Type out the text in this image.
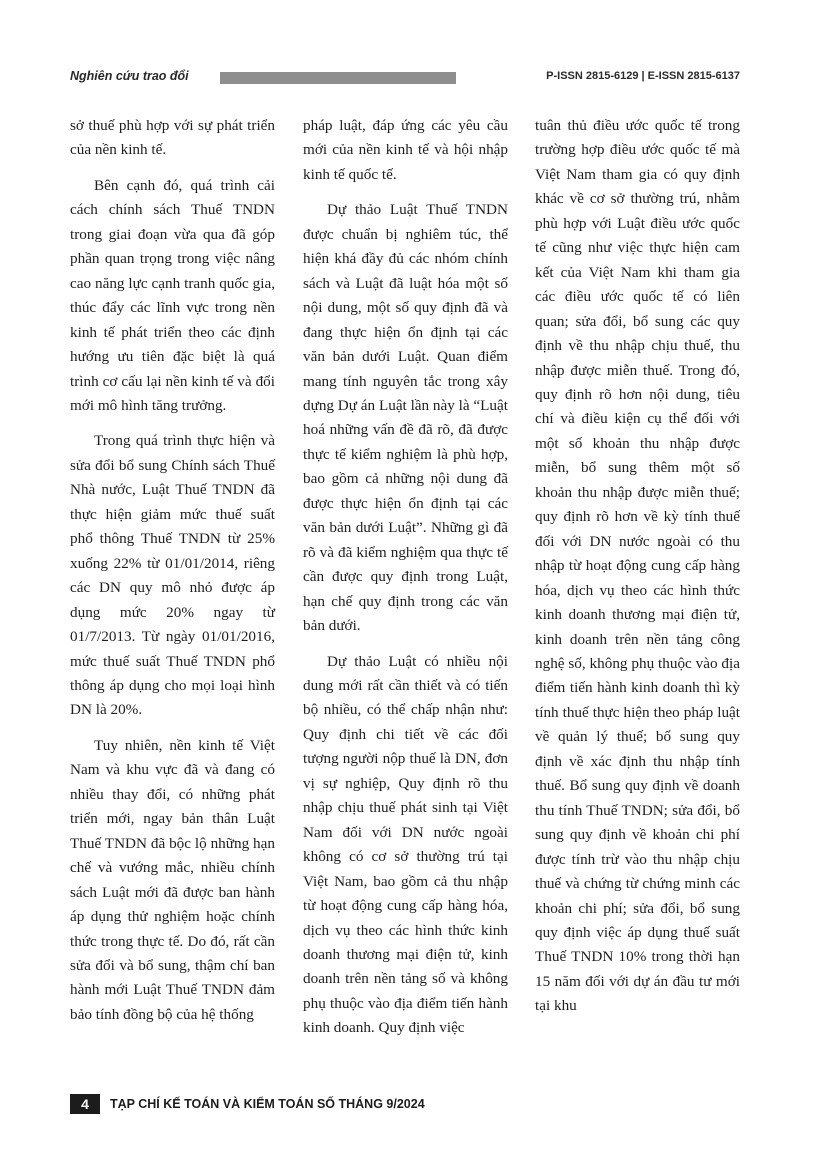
Nghiên cứu trao đổi	P-ISSN 2815-6129 | E-ISSN 2815-6137

sở thuế phù hợp với sự phát triển của nền kinh tế.

Bên cạnh đó, quá trình cải cách chính sách Thuế TNDN trong giai đoạn vừa qua đã góp phần quan trọng trong việc nâng cao năng lực cạnh tranh quốc gia, thúc đẩy các lĩnh vực trong nền kinh tế phát triển theo các định hướng ưu tiên đặc biệt là quá trình cơ cấu lại nền kinh tế và đổi mới mô hình tăng trưởng.

Trong quá trình thực hiện và sửa đổi bổ sung Chính sách Thuế Nhà nước, Luật Thuế TNDN đã thực hiện giảm mức thuế suất phổ thông Thuế TNDN từ 25% xuống 22% từ 01/01/2014, riêng các DN quy mô nhỏ được áp dụng mức 20% ngay từ 01/7/2013. Từ ngày 01/01/2016, mức thuế suất Thuế TNDN phổ thông áp dụng cho mọi loại hình DN là 20%.

Tuy nhiên, nền kinh tế Việt Nam và khu vực đã và đang có nhiều thay đổi, có những phát triển mới, ngay bản thân Luật Thuế TNDN đã bộc lộ những hạn chế và vướng mắc, nhiều chính sách Luật mới đã được ban hành áp dụng thử nghiệm hoặc chính thức trong thực tế. Do đó, rất cần sửa đổi và bổ sung, thậm chí ban hành mới Luật Thuế TNDN đảm bảo tính đồng bộ của hệ thống

pháp luật, đáp ứng các yêu cầu mới của nền kinh tế và hội nhập kinh tế quốc tế.

Dự thảo Luật Thuế TNDN được chuẩn bị nghiêm túc, thể hiện khá đầy đủ các nhóm chính sách và Luật đã luật hóa một số nội dung, một số quy định đã và đang thực hiện ổn định tại các văn bản dưới Luật. Quan điểm mang tính nguyên tắc trong xây dựng Dự án Luật lần này là “Luật hoá những vấn đề đã rõ, đã được thực tế kiểm nghiệm là phù hợp, bao gồm cả những nội dung đã được thực hiện ổn định tại các văn bản dưới Luật”. Những gì đã rõ và đã kiểm nghiệm qua thực tế cần được quy định trong Luật, hạn chế quy định trong các văn bản dưới.

Dự thảo Luật có nhiều nội dung mới rất cần thiết và có tiến bộ nhiều, có thể chấp nhận như: Quy định chi tiết về các đối tượng người nộp thuế là DN, đơn vị sự nghiệp, Quy định rõ thu nhập chịu thuế phát sinh tại Việt Nam đối với DN nước ngoài không có cơ sở thường trú tại Việt Nam, bao gồm cả thu nhập từ hoạt động cung cấp hàng hóa, dịch vụ theo các hình thức kinh doanh thương mại điện tử, kinh doanh trên nền tảng số và không phụ thuộc vào địa điểm tiến hành kinh doanh. Quy định việc

tuân thủ điều ước quốc tế trong trường hợp điều ước quốc tế mà Việt Nam tham gia có quy định khác về cơ sở thường trú, nhằm phù hợp với Luật điều ước quốc tế cũng như việc thực hiện cam kết của Việt Nam khi tham gia các điều ước quốc tế có liên quan; sửa đổi, bổ sung các quy định về thu nhập chịu thuế, thu nhập được miễn thuế. Trong đó, quy định rõ hơn nội dung, tiêu chí và điều kiện cụ thể đối với một số khoản thu nhập được miễn, bổ sung thêm một số khoản thu nhập được miễn thuế; quy định rõ hơn về kỳ tính thuế đối với DN nước ngoài có thu nhập từ hoạt động cung cấp hàng hóa, dịch vụ theo các hình thức kinh doanh thương mại điện tử, kinh doanh trên nền tảng công nghệ số, không phụ thuộc vào địa điểm tiến hành kinh doanh thì kỳ tính thuế thực hiện theo pháp luật về quản lý thuế; bổ sung quy định về xác định thu nhập tính thuế. Bổ sung quy định về doanh thu tính Thuế TNDN; sửa đổi, bổ sung quy định về khoản chi phí được tính trừ vào thu nhập chịu thuế và chứng từ chứng minh các khoản chi phí; sửa đổi, bổ sung quy định việc áp dụng thuế suất Thuế TNDN 10% trong thời hạn 15 năm đối với dự án đầu tư mới tại khu

4	TẠP CHÍ KẾ TOÁN VÀ KIỂM TOÁN SỐ THÁNG 9/2024
